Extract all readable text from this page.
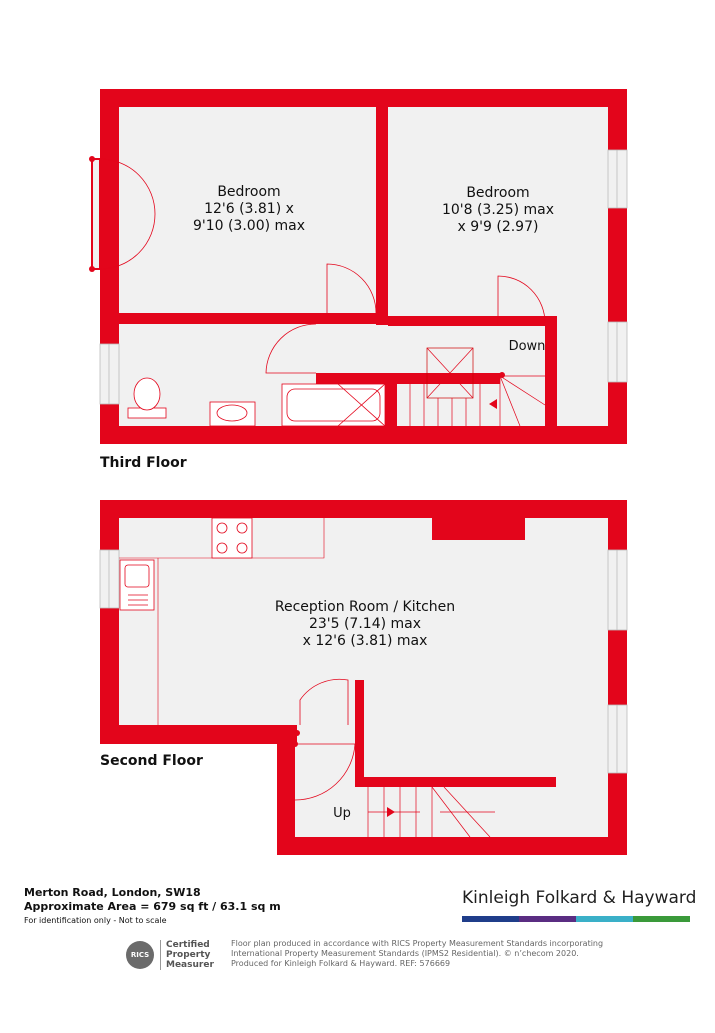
Bedroom
12'6 (3.81) x
9'10 (3.00) max
Bedroom
10'8 (3.25) max
x 9'9 (2.97)
Down
Reception Room / Kitchen
23'5 (7.14) max
x 12'6 (3.81) max
Up
Third Floor
Second Floor
Merton Road, London, SW18
Approximate Area = 679 sq ft / 63.1 sq m
For identification only - Not to scale
Kinleigh Folkard & Hayward
RICS
Certified
Property
Measurer
Floor plan produced in accordance with RICS Property Measurement Standards incorporating
International Property Measurement Standards (IPMS2 Residential). © n’checom 2020.
Produced for Kinleigh Folkard & Hayward. REF: 576669
